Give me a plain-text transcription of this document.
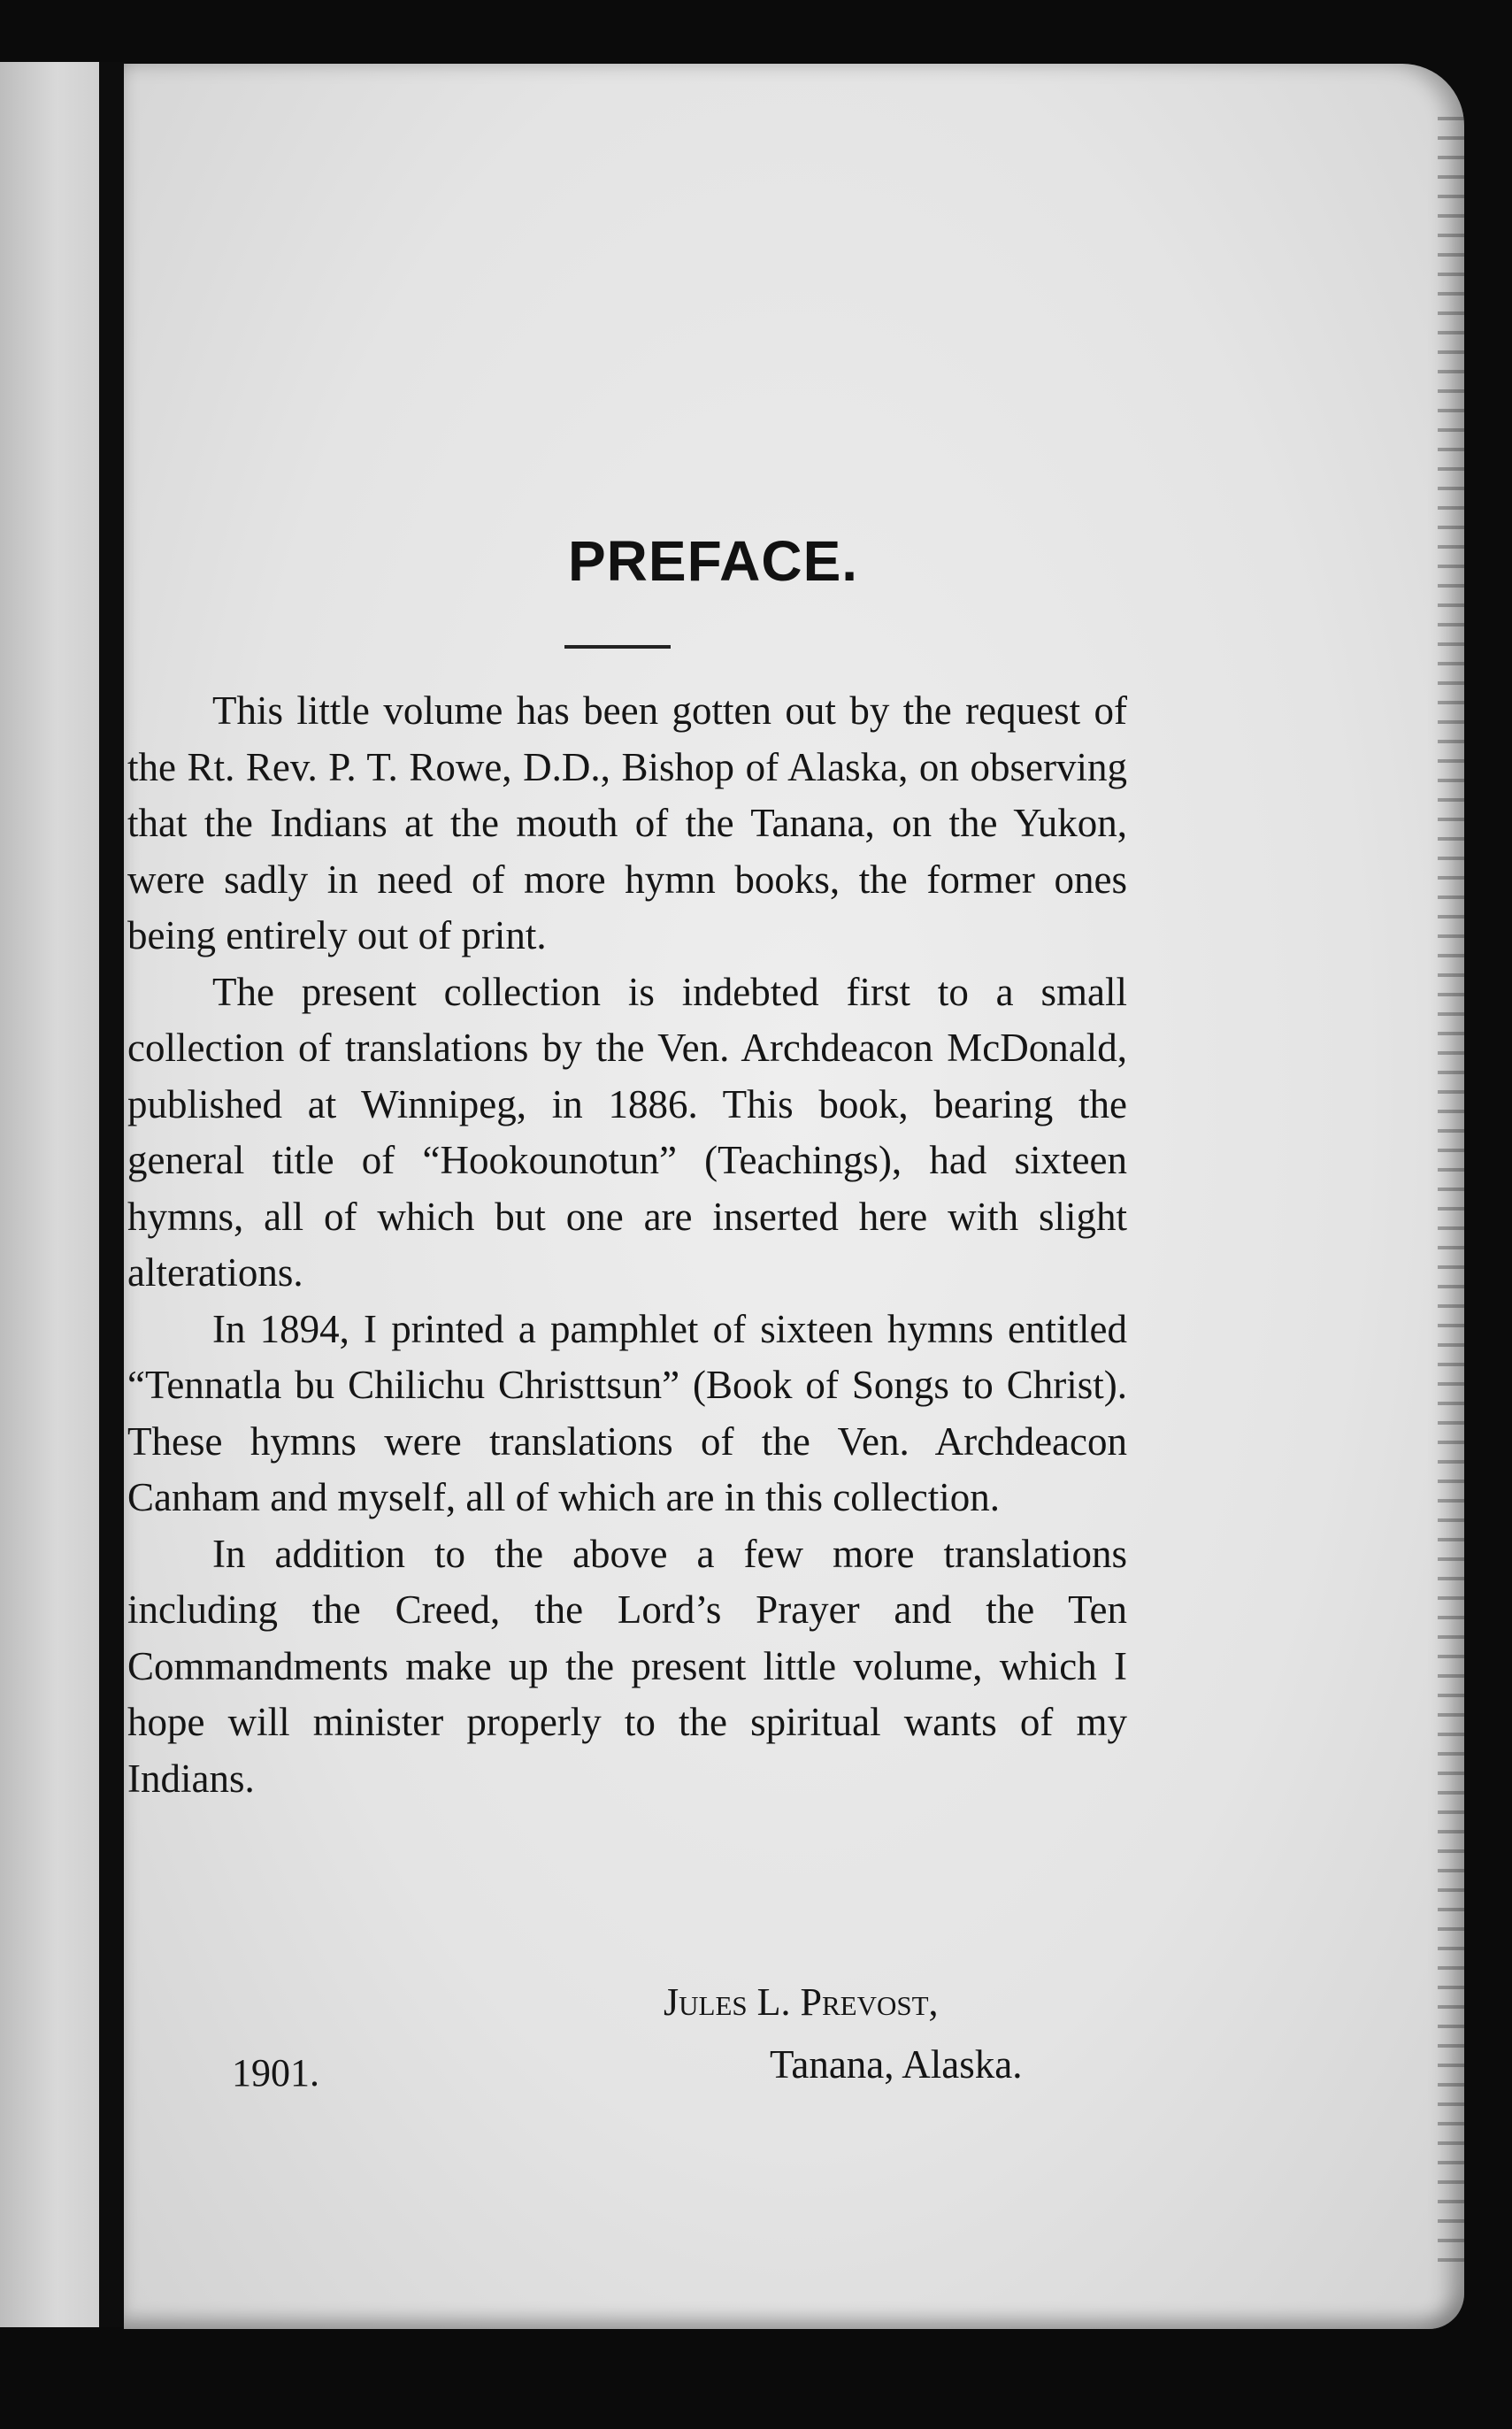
PREFACE.

This little volume has been gotten out by the request of the Rt. Rev. P. T. Rowe, D.D., Bishop of Alaska, on observing that the Indians at the mouth of the Tanana, on the Yukon, were sadly in need of more hymn books, the former ones being entirely out of print.

The present collection is indebted first to a small collection of translations by the Ven. Archdeacon McDonald, published at Winnipeg, in 1886. This book, bearing the general title of “Hookounotun” (Teachings), had sixteen hymns, all of which but one are inserted here with slight alterations.

In 1894, I printed a pamphlet of sixteen hymns entitled “Tennatla bu Chilichu Christtsun” (Book of Songs to Christ). These hymns were translations of the Ven. Archdeacon Canham and myself, all of which are in this collection.

In addition to the above a few more translations including the Creed, the Lord’s Prayer and the Ten Commandments make up the present little volume, which I hope will minister properly to the spiritual wants of my Indians.

Jules L. Prevost,
1901.	Tanana, Alaska.
